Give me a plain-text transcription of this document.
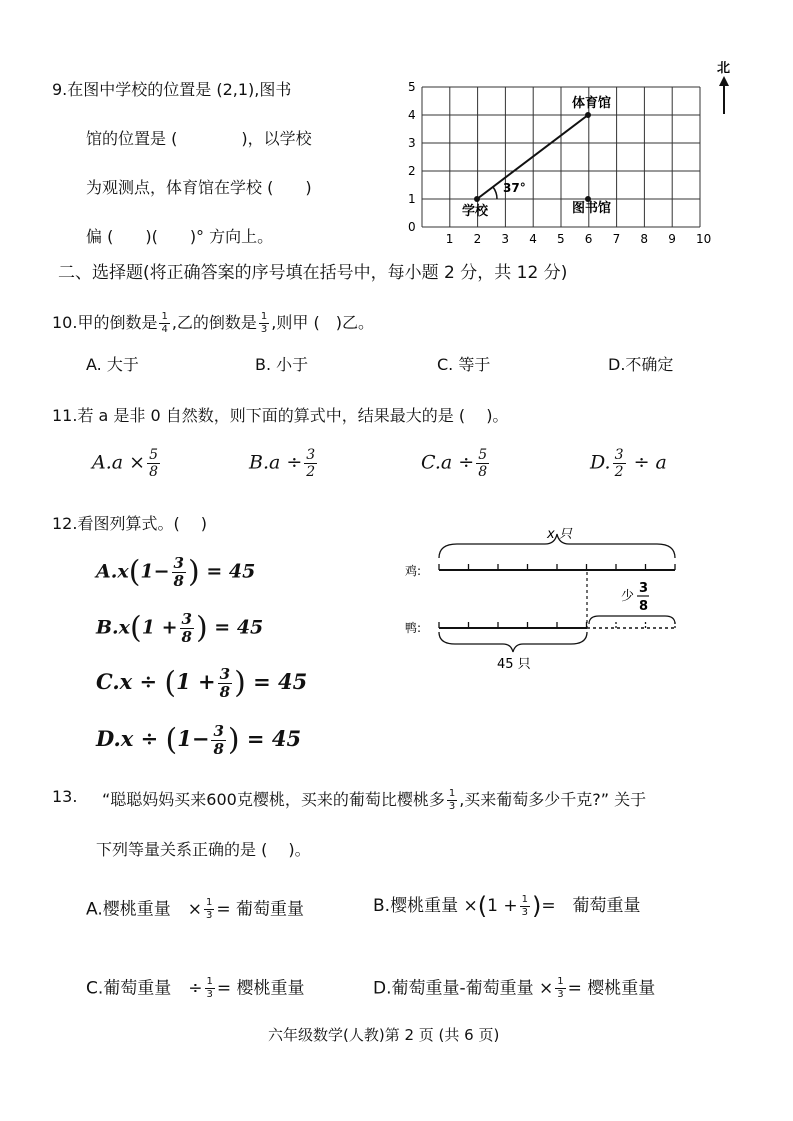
9.在图中学校的位置是 (2,1),图书
馆的位置是 (　　　　)，以学校
为观测点，体育馆在学校 (　　)
偏 (　　)(　　)° 方向上。	1 2 3 4 5 6 7 8 9 10
0
1
2
3
4
5
37°
学校
体育馆
图书馆
北
二、选择题(将正确答案的序号填在括号中，每小题 2 分，共 12 分)
10.甲的倒数是 $\frac{1}{4}$ ,乙的倒数是 $\frac{1}{3}$ ,则甲 (　)乙。
A. 大于	B. 小于	C. 等于	D.不确定
11.若 a 是非 0 自然数，则下面的算式中，结果最大的是 (　 )。
$A.a \times \frac{5}{8}$	$B.a \div \frac{3}{2}$	$C.a \div \frac{5}{8}$	D. $\frac{3}{2} \div a$
12.看图列算式。(　 )
$A.x(1- \frac{3}{8}$ ) = 45
$B.x(1 + \frac{3}{8}$ ) = 45
$C.x \div (1 + \frac{3}{8}$ ) = 45
$D.x \div (1- \frac{3}{8}$ ) = 45
x 只
鸡:
鸭:
少
3
8
45 只
13. “聪聪妈妈买来600克樱桃，买来的葡萄比樱桃多 $\frac{1}{3}$ ,买来葡萄多少千克?” 关于
下列等量关系正确的是 (　 )。
A.樱桃重量　× $\frac{1}{3}$ = 葡萄重量	B.樱桃重量 $\times(1 + \frac{1}{3}$ )=　葡萄重量
C.葡萄重量　÷ $\frac{1}{3}$ = 樱桃重量	D.葡萄重量-葡萄重量 × $\frac{1}{3}$ = 樱桃重量
六年级数学(人教)第 2 页 (共 6 页)
